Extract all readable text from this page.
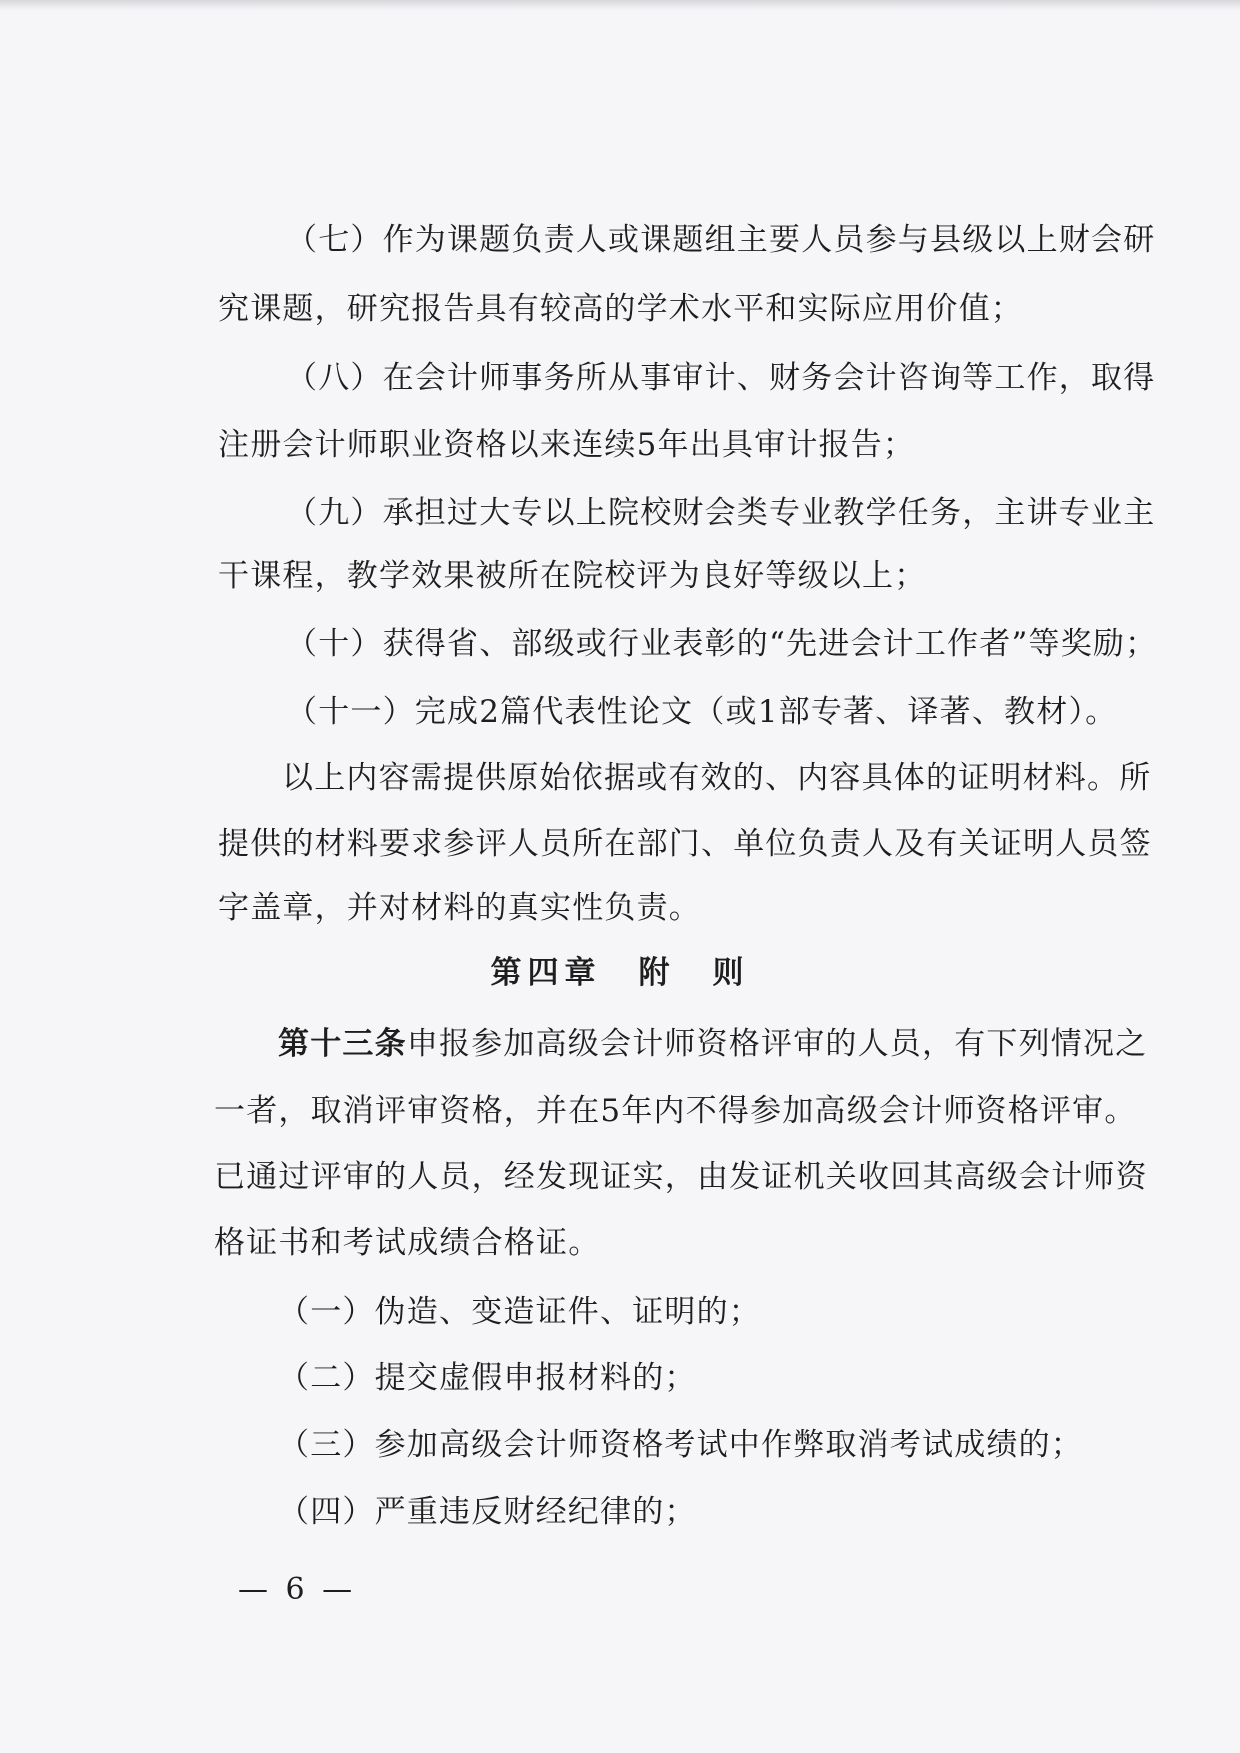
（七）作为课题负责人或课题组主要人员参与县级以上财会研
究课题，研究报告具有较高的学术水平和实际应用价值；
（八）在会计师事务所从事审计、财务会计咨询等工作，取得
注册会计师职业资格以来连续5年出具审计报告；
（九）承担过大专以上院校财会类专业教学任务，主讲专业主
干课程，教学效果被所在院校评为良好等级以上；
（十）获得省、部级或行业表彰的“先进会计工作者”等奖励；
（十一）完成2篇代表性论文（或1部专著、译著、教材）。
以上内容需提供原始依据或有效的、内容具体的证明材料。所
提供的材料要求参评人员所在部门、单位负责人及有关证明人员签
字盖章，并对材料的真实性负责。
第四章　附　则
第十三条申报参加高级会计师资格评审的人员，有下列情况之
一者，取消评审资格，并在5年内不得参加高级会计师资格评审。
已通过评审的人员，经发现证实，由发证机关收回其高级会计师资
格证书和考试成绩合格证。
（一）伪造、变造证件、证明的；
（二）提交虚假申报材料的；
（三）参加高级会计师资格考试中作弊取消考试成绩的；
（四）严重违反财经纪律的；
— 6 —
